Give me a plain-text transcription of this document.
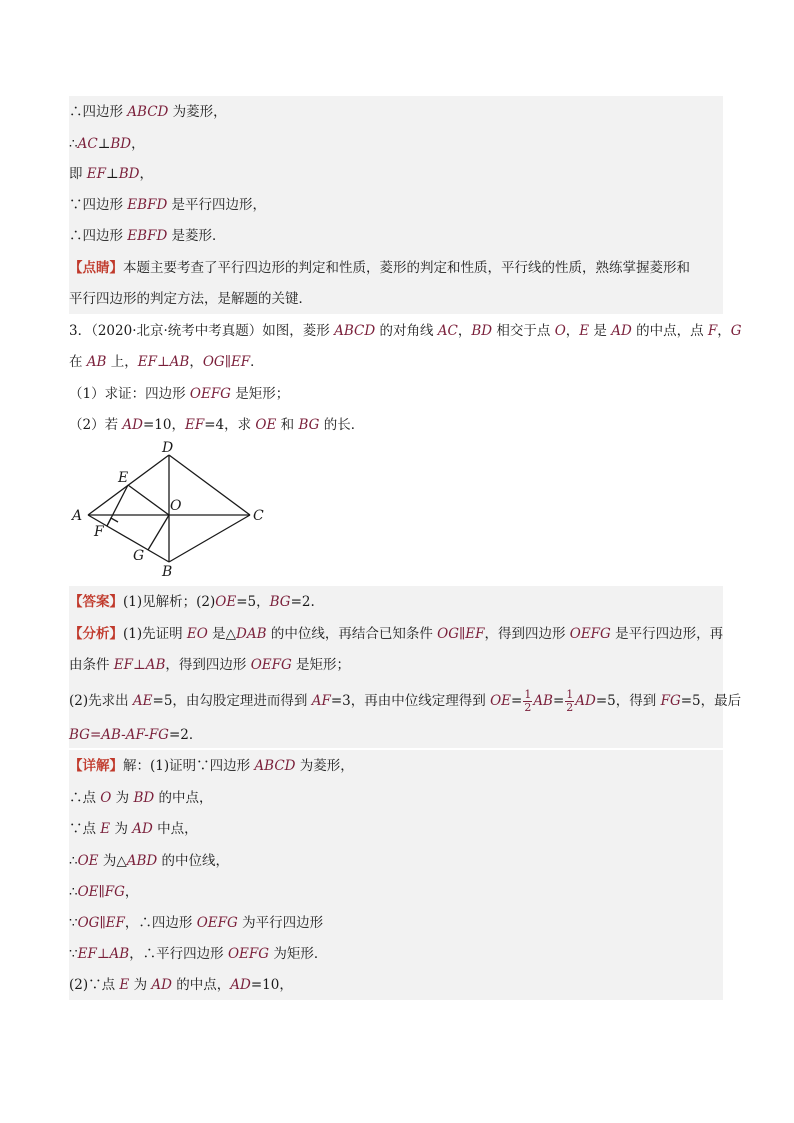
∴四边形 ABCD 为菱形，
∴AC⊥BD，
即 EF⊥BD，
∵四边形 EBFD 是平行四边形，
∴四边形 EBFD 是菱形．
【点睛】本题主要考查了平行四边形的判定和性质，菱形的判定和性质，平行线的性质，熟练掌握菱形和
平行四边形的判定方法，是解题的关键．
3．（2020·北京·统考中考真题）如图，菱形 ABCD 的对角线 AC，BD 相交于点 O，E 是 AD 的中点，点 F，G
在 AB 上，EF⊥AB，OG∥EF．
（1）求证：四边形 OEFG 是矩形；
（2）若 AD=10，EF=4，求 OE 和 BG 的长．
D
E
O
A	C
F
G
B
【答案】(1)见解析；(2)OE=5，BG=2.
【分析】(1)先证明 EO 是△DAB 的中位线，再结合已知条件 OG∥EF，得到四边形 OEFG 是平行四边形，再
由条件 EF⊥AB，得到四边形 OEFG 是矩形；
(2)先求出 AE=5，由勾股定理进而得到 AF=3，再由中位线定理得到 $OE= \frac{1}{2} AB= \frac{1}{2} AD=5$，得到 FG=5，最后
BG=AB-AF-FG=2．
【详解】解：(1)证明∵四边形 ABCD 为菱形，
∴点 O 为 BD 的中点，
∵点 E 为 AD 中点，
∴OE 为△ABD 的中位线，
∴OE∥FG，
∵OG∥EF，∴四边形 OEFG 为平行四边形
∵EF⊥AB，∴平行四边形 OEFG 为矩形．
(2)∵点 E 为 AD 的中点，AD=10，
